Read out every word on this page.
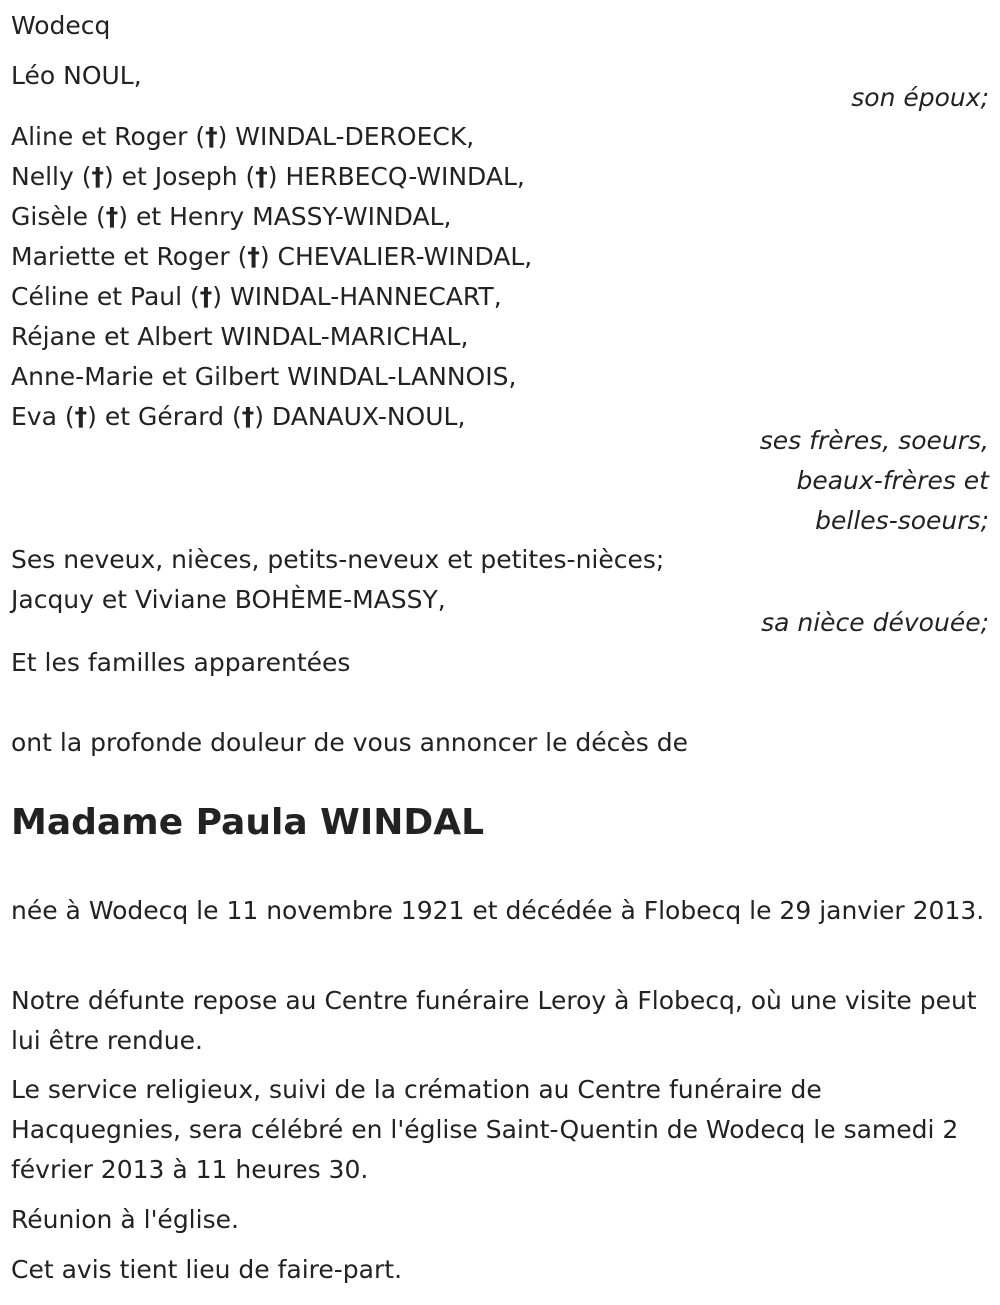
Wodecq
Léo NOUL,
son époux;
Aline et Roger (†) WINDAL-DEROECK,
Nelly (†) et Joseph (†) HERBECQ-WINDAL,
Gisèle (†) et Henry MASSY-WINDAL,
Mariette et Roger (†) CHEVALIER-WINDAL,
Céline et Paul (†) WINDAL-HANNECART,
Réjane et Albert WINDAL-MARICHAL,
Anne-Marie et Gilbert WINDAL-LANNOIS,
Eva (†) et Gérard (†) DANAUX-NOUL,
ses frères, soeurs,
beaux-frères et
belles-soeurs;
Ses neveux, nièces, petits-neveux et petites-nièces;
Jacquy et Viviane BOHÈME-MASSY,
sa nièce dévouée;
Et les familles apparentées
ont la profonde douleur de vous annoncer le décès de
Madame Paula WINDAL
née à Wodecq le 11 novembre 1921 et décédée à Flobecq le 29 janvier 2013.
Notre défunte repose au Centre funéraire Leroy à Flobecq, où une visite peut lui être rendue.
Le service religieux, suivi de la crémation au Centre funéraire de Hacquegnies, sera célébré en l'église Saint-Quentin de Wodecq le samedi 2 février 2013 à 11 heures 30.
Réunion à l'église.
Cet avis tient lieu de faire-part.
